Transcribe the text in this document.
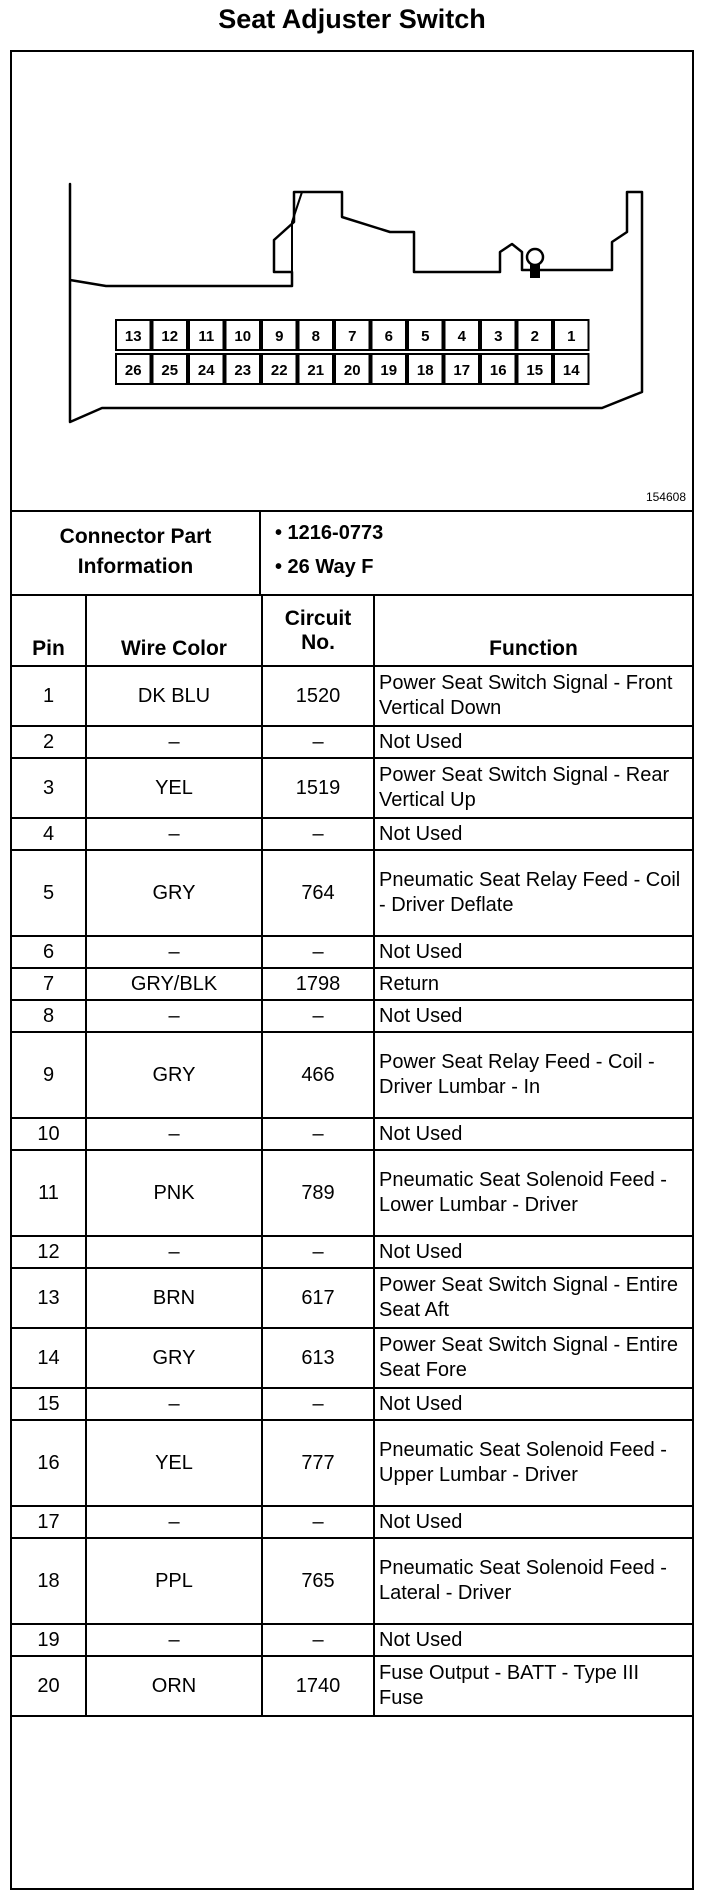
Seat Adjuster Switch
13 12 11 10 9 8 7 6 5 4 3 2 1
26 25 24 23 22 21 20 19 18 17 16 15 14
154608
Connector Part Information
• 1216-0773
• 26 Way F
Pin	Wire Color	Circuit No.	Function
1	DK BLU	1520	Power Seat Switch Signal - Front Vertical Down
2	–	–	Not Used
3	YEL	1519	Power Seat Switch Signal - Rear Vertical Up
4	–	–	Not Used
5	GRY	764	Pneumatic Seat Relay Feed - Coil - Driver Deflate
6	–	–	Not Used
7	GRY/BLK	1798	Return
8	–	–	Not Used
9	GRY	466	Power Seat Relay Feed - Coil - Driver Lumbar - In
10	–	–	Not Used
11	PNK	789	Pneumatic Seat Solenoid Feed - Lower Lumbar - Driver
12	–	–	Not Used
13	BRN	617	Power Seat Switch Signal - Entire Seat Aft
14	GRY	613	Power Seat Switch Signal - Entire Seat Fore
15	–	–	Not Used
16	YEL	777	Pneumatic Seat Solenoid Feed - Upper Lumbar - Driver
17	–	–	Not Used
18	PPL	765	Pneumatic Seat Solenoid Feed - Lateral - Driver
19	–	–	Not Used
20	ORN	1740	Fuse Output - BATT - Type III Fuse
